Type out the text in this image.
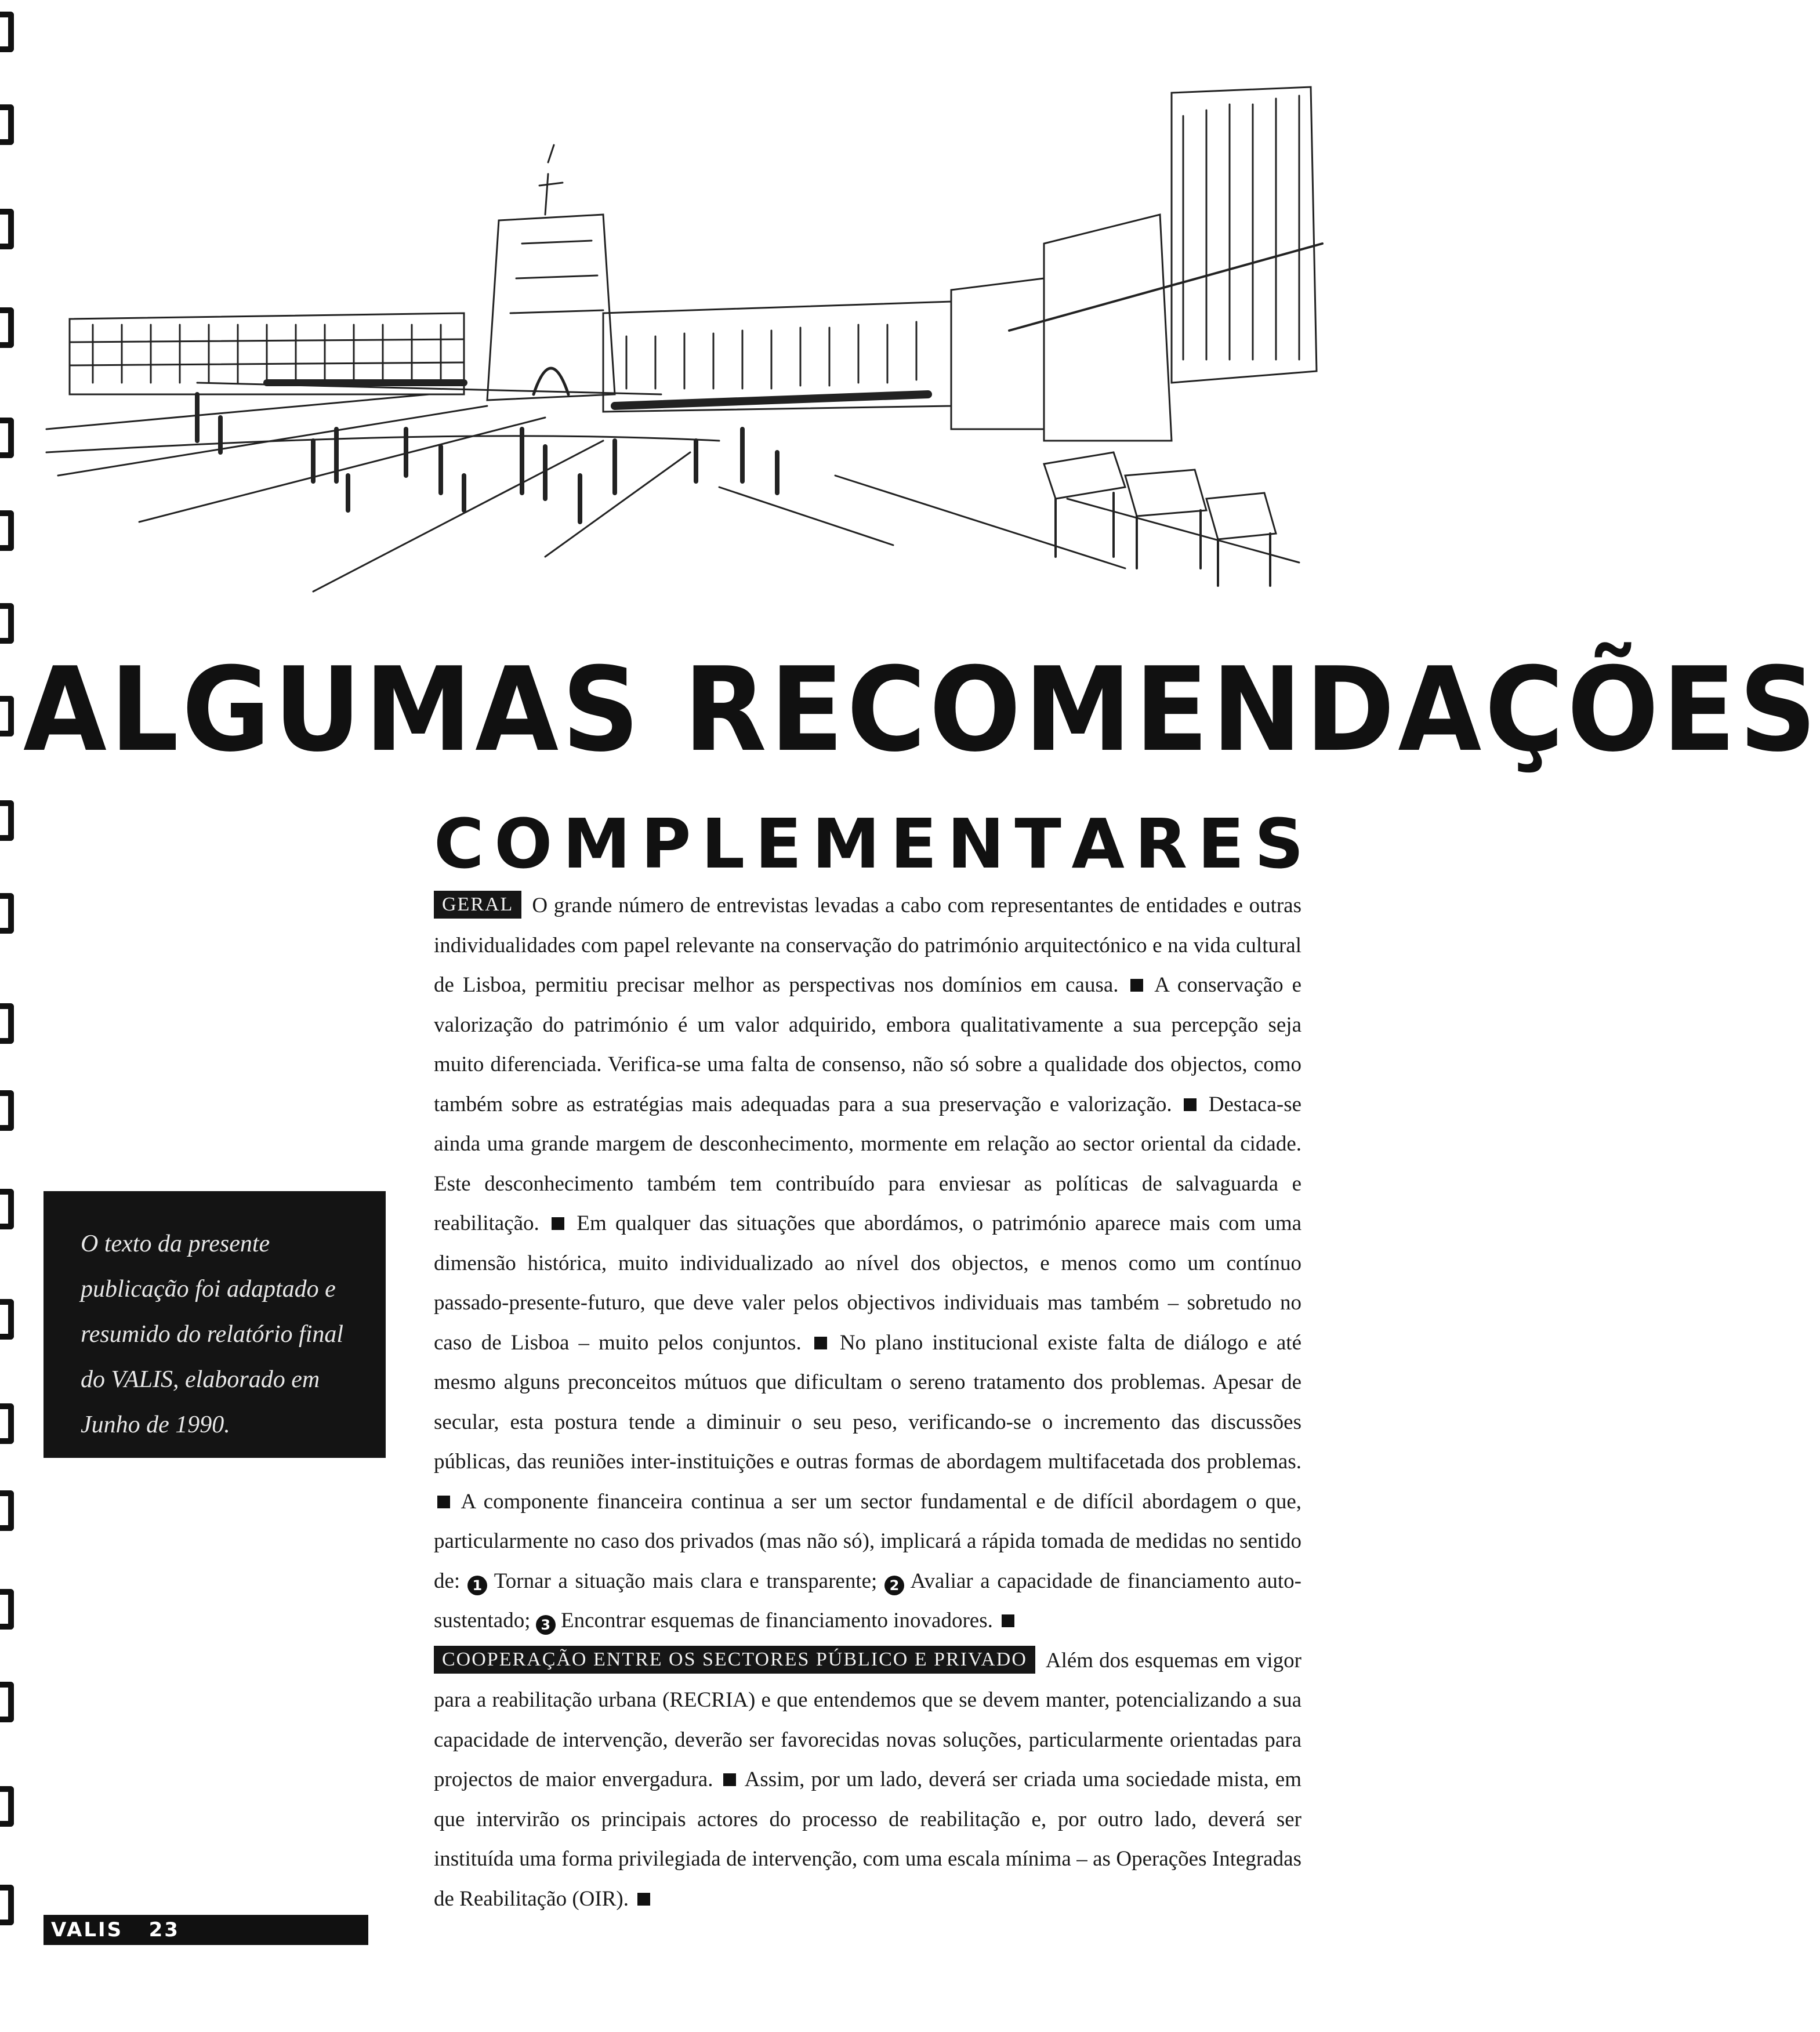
ALGUMAS RECOMENDAÇÕES
C O M P L E M E N T A R E S

GERAL O grande número de entrevistas levadas a cabo com representantes de entidades e outras individualidades com papel relevante na conservação do património arquitectónico e na vida cultural de Lisboa, permitiu precisar melhor as perspectivas nos domínios em causa. A conservação e valorização do património é um valor adquirido, embora qualitativamente a sua percepção seja muito diferenciada. Verifica-se uma falta de consenso, não só sobre a qualidade dos objectos, como também sobre as estratégias mais adequadas para a sua preservação e valorização. Destaca-se ainda uma grande margem de desconhecimento, mormente em relação ao sector oriental da cidade. Este desconhecimento também tem contribuído para enviesar as políticas de salvaguarda e reabilitação. Em qualquer das situações que abordámos, o património aparece mais com uma dimensão histórica, muito individualizado ao nível dos objectos, e menos como um contínuo passado-presente-futuro, que deve valer pelos objectivos individuais mas também – sobretudo no caso de Lisboa – muito pelos conjuntos. No plano institucional existe falta de diálogo e até mesmo alguns preconceitos mútuos que dificultam o sereno tratamento dos problemas. Apesar de secular, esta postura tende a diminuir o seu peso, verificando-se o incremento das discussões públicas, das reuniões inter-instituições e outras formas de abordagem multifacetada dos problemas.  A componente financeira continua a ser um sector fundamental e de difícil abordagem o que, particularmente no caso dos privados (mas não só), implicará a rápida tomada de medidas no sentido de: 1 Tornar a situação mais clara e transparente; 2 Avaliar a capacidade de financiamento auto-sustentado; 3 Encontrar esquemas de financiamento inovadores.

COOPERAÇÃO ENTRE OS SECTORES PÚBLICO E PRIVADO Além dos esquemas em vigor para a reabilitação urbana (RECRIA) e que entendemos que se devem manter, potencializando a sua capacidade de intervenção, deverão ser favorecidas novas soluções, particularmente orientadas para projectos de maior envergadura. Assim, por um lado, deverá ser criada uma sociedade mista, em que intervirão os principais actores do processo de reabilitação e, por outro lado, deverá ser instituída uma forma privilegiada de intervenção, com uma escala mínima – as Operações Integradas de Reabilitação (OIR).

O texto da presente publicação foi adaptado e resumido do relatório final do VALIS, elaborado em Junho de 1990.
VALIS 23
